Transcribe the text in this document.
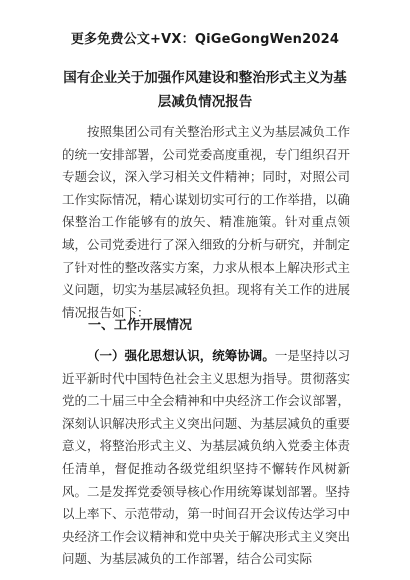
更多免费公文+VX：QiGeGongWen2024
国有企业关于加强作风建设和整治形式主义为基层减负情况报告
按照集团公司有关整治形式主义为基层减负工作的统一安排部署，公司党委高度重视，专门组织召开专题会议，深入学习相关文件精神；同时，对照公司工作实际情况，精心谋划切实可行的工作举措，以确保整治工作能够有的放矢、精准施策。针对重点领域，公司党委进行了深入细致的分析与研究，并制定了针对性的整改落实方案，力求从根本上解决形式主义问题，切实为基层减轻负担。现将有关工作的进展情况报告如下：
一、工作开展情况
（一）强化思想认识，统筹协调。一是坚持以习近平新时代中国特色社会主义思想为指导。贯彻落实党的二十届三中全会精神和中央经济工作会议部署，深刻认识解决形式主义突出问题、为基层减负的重要意义，将整治形式主义、为基层减负纳入党委主体责任清单，督促推动各级党组织坚持不懈转作风树新风。二是发挥党委领导核心作用统筹谋划部署。坚持以上率下、示范带动，第一时间召开会议传达学习中央经济工作会议精神和党中央关于解决形式主义突出问题、为基层减负的工作部署，结合公司实际
